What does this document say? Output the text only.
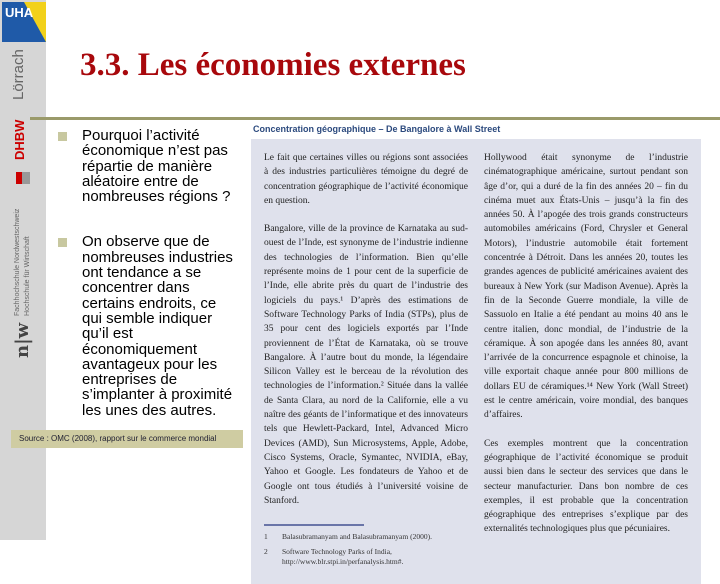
UHA
Lörrach
DHBW
Fachhochschule Nordwestschweiz Hochschule für Wirtschaft
n|w
3.3. Les économies externes
Pourquoi l’activité économique n’est pas répartie de manière aléatoire entre de nombreuses régions ?
On observe que de nombreuses industries ont tendance a se concentrer dans certains endroits, ce qui semble indiquer qu’il est économiquement avantageux pour les entreprises de s’implanter à proximité les unes des autres.
Source : OMC (2008), rapport sur le commerce mondial
Concentration géographique – De Bangalore à Wall Street

Le fait que certaines villes ou régions sont associées à des industries particulières témoigne du degré de concentration géographique de l’activité économique en question.

Bangalore, ville de la province de Karnataka au sud-ouest de l’Inde, est synonyme de l’industrie indienne des technologies de l’information. Bien qu’elle représente moins de 1 pour cent de la superficie de l’Inde, elle abrite près du quart de l’industrie des logiciels du pays.¹ D’après des estimations de Software Technology Parks of India (STPs), plus de 35 pour cent des logiciels exportés par l’Inde proviennent de l’État de Karnataka, où se trouve Bangalore. À l’autre bout du monde, la légendaire Silicon Valley est le berceau de la révolution des technologies de l’information.² Située dans la vallée de Santa Clara, au nord de la Californie, elle a vu naître des géants de l’informatique et des innovateurs tels que Hewlett-Packard, Intel, Advanced Micro Devices (AMD), Sun Microsystems, Apple, Adobe, Cisco Systems, Oracle, Symantec, NVIDIA, eBay, Yahoo et Google. Les fondateurs de Yahoo et de Google ont tous étudiés à l’université voisine de Stanford.

1	Balasubramanyam and Balasubramanyam (2000).
2	Software Technology Parks of India, http://www.blr.stpi.in/perfanalysis.htm#.

Hollywood était synonyme de l’industrie cinématographique américaine, surtout pendant son âge d’or, qui a duré de la fin des années 20 – fin du cinéma muet aux États-Unis – jusqu’à la fin des années 50. À l’apogée des trois grands constructeurs automobiles américains (Ford, Chrysler et General Motors), l’industrie automobile était fortement concentrée à Détroit. Dans les années 20, toutes les grandes agences de publicité américaines avaient des bureaux à New York (sur Madison Avenue). Après la fin de la Seconde Guerre mondiale, la ville de Sassuolo en Italie a été pendant au moins 40 ans le centre italien, donc mondial, de l’industrie de la céramique. À son apogée dans les années 80, avant l’arrivée de la concurrence espagnole et chinoise, la ville exportait chaque année pour 800 millions de dollars EU de céramiques.¹⁴ New York (Wall Street) est le centre américain, voire mondial, des banques d’affaires.

Ces exemples montrent que la concentration géographique de l’activité économique se produit aussi bien dans le secteur des services que dans le secteur manufacturier. Dans bon nombre de ces exemples, il est probable que la concentration géographique des entreprises s’explique par des externalités technologiques plus que pécuniaires.
